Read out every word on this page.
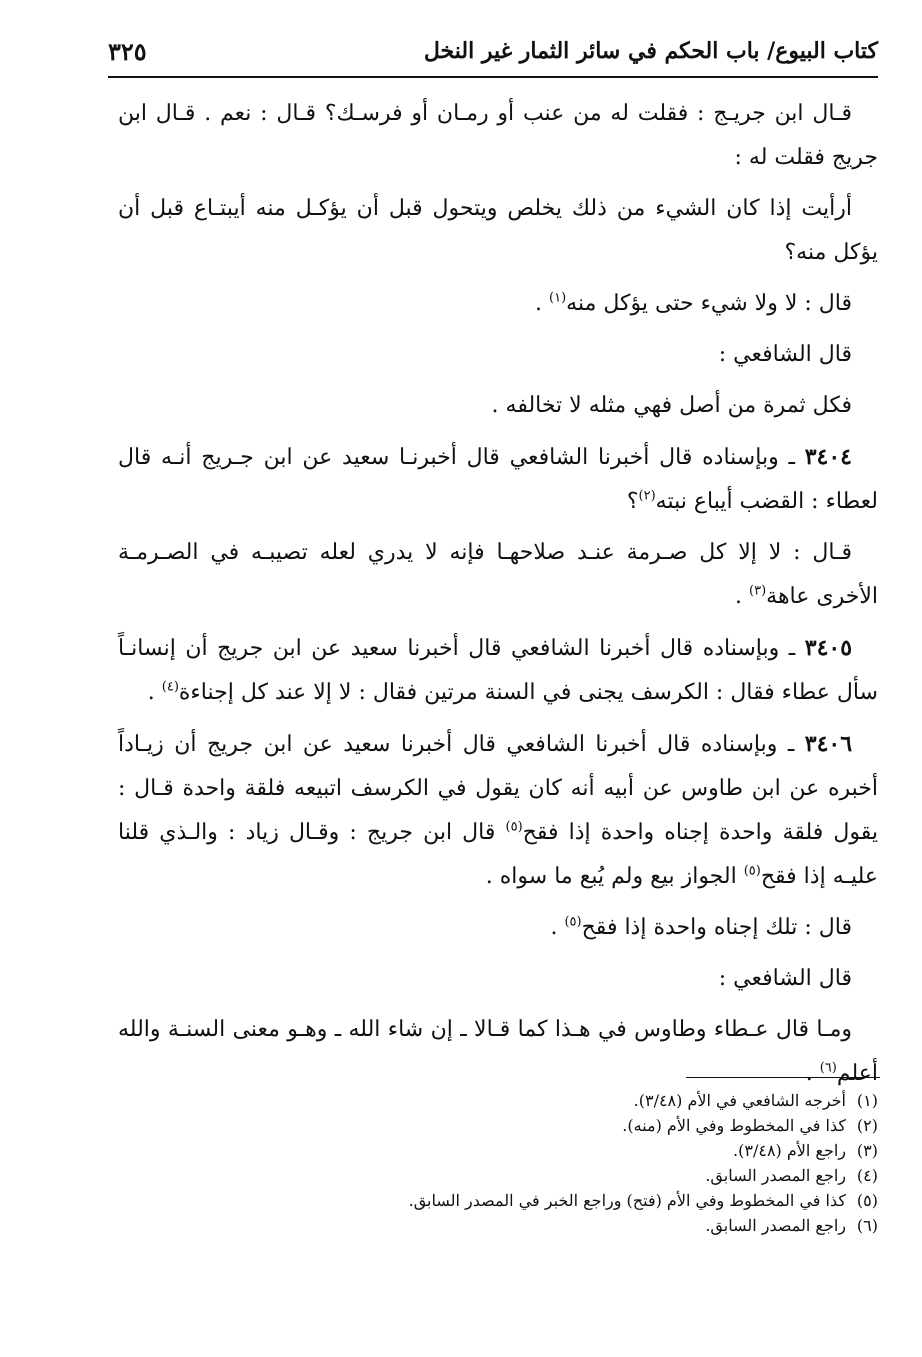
كتاب البيوع/ باب الحكم في سائر الثمار غير النخل
٣٢٥

قـال ابن جريـج : فقلت له من عنب أو رمـان أو فرسـك؟ قـال : نعم . قـال ابن جريج فقلت له :

أرأيت إذا كان الشيء من ذلك يخلص ويتحول قبل أن يؤكـل منه أيبتـاع قبل أن يؤكل منه؟

قال : لا ولا شيء حتى يؤكل منه$^{(١)}$ .

قال الشافعي :

فكل ثمرة من أصل فهي مثله لا تخالفه .

٣٤٠٤ ـ وبإسناده قال أخبرنا الشافعي قال أخبرنـا سعيد عن ابن جـريج أنـه قال لعطاء : القضب أيباع نبته$^{(٢)}$؟

قـال : لا إلا كل صـرمة عنـد صلاحهـا فإنه لا يدري لعله تصيبـه في الصـرمـة الأخرى عاهة$^{(٣)}$ .

٣٤٠٥ ـ وبإسناده قال أخبرنا الشافعي قال أخبرنا سعيد عن ابن جريج أن إنسانـاً سأل عطاء فقال : الكرسف يجنى في السنة مرتين فقال : لا إلا عند كل إجناءة$^{(٤)}$ .

٣٤٠٦ ـ وبإسناده قال أخبرنا الشافعي قال أخبرنا سعيد عن ابن جريج أن زيـاداً أخبره عن ابن طاوس عن أبيه أنه كان يقول في الكرسف اتبيعه فلقة واحدة قـال : يقول فلقة واحدة إجناه واحدة إذا فقح$^{(٥)}$ قال ابن جريج : وقـال زياد : والـذي قلنا عليـه إذا فقح$^{(٥)}$ الجواز بيع ولم يُبع ما سواه .

قال : تلك إجناه واحدة إذا فقح$^{(٥)}$ .

قال الشافعي :

ومـا قال عـطاء وطاوس في هـذا كما قـالا ـ إن شاء الله ـ وهـو معنى السنـة والله أعلم$^{(٦)}$ .

(١)
أخرجه الشافعي في الأم (٣/٤٨).
(٢)
كذا في المخطوط وفي الأم (منه).
(٣)
راجع الأم (٣/٤٨).
(٤)
راجع المصدر السابق.
(٥)
كذا في المخطوط وفي الأم (فتح) وراجع الخبر في المصدر السابق.
(٦)
راجع المصدر السابق.
